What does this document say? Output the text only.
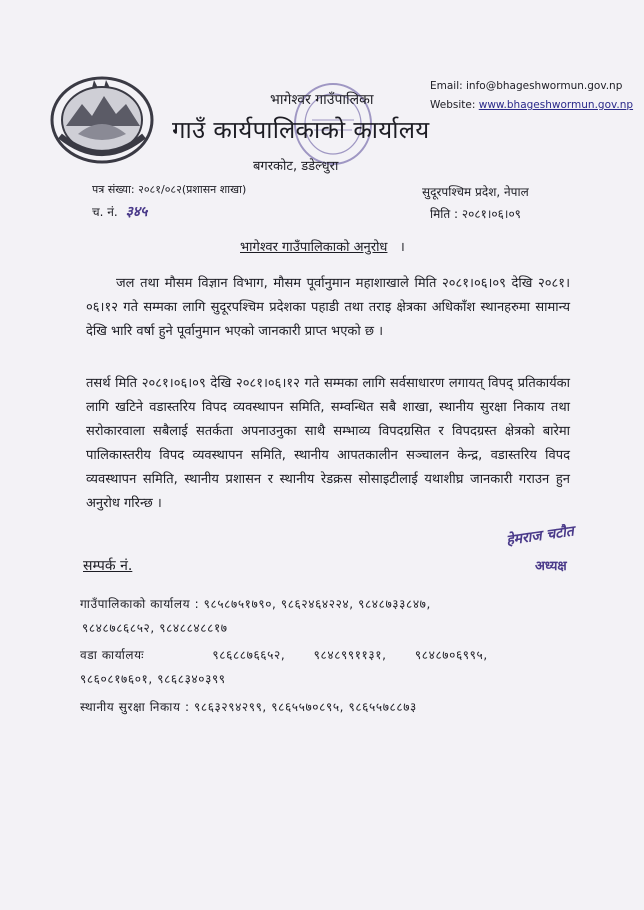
भागेश्वर गाउँपालिका
गाउँ कार्यपालिकाको कार्यालय
बगरकोट, डडेल्धुरा
Email: info@bhageshwormun.gov.np
Website: www.bhageshwormun.gov.np
पत्र संख्या: २०८१/०८२(प्रशासन शाखा)
च. नं. ३४५
सुदूरपश्चिम प्रदेश, नेपाल
मिति : २०८१।०६।०९
भागेश्वर गाउँपालिकाको अनुरोध   ।
जल तथा मौसम विज्ञान विभाग, मौसम पूर्वानुमान महाशाखाले मिति २०८१।०६।०९ देखि २०८१।०६।१२ गते सम्मका लागि सुदूरपश्चिम प्रदेशका पहाडी तथा तराइ क्षेत्रका अधिकाँश स्थानहरुमा सामान्य देखि भारि वर्षा हुने पूर्वानुमान भएको जानकारी प्राप्त भएको छ ।
तसर्थ मिति २०८१।०६।०९ देखि २०८१।०६।१२ गते सम्मका लागि सर्वसाधारण लगायत् विपद् प्रतिकार्यका लागि खटिने वडास्तरिय विपद व्यवस्थापन समिति, सम्वन्धित सबै शाखा, स्थानीय सुरक्षा निकाय तथा सरोकारवाला सबैलाई सतर्कता अपनाउनुका साथै सम्भाव्य विपदग्रसित र विपदग्रस्त क्षेत्रको बारेमा पालिकास्तरीय विपद व्यवस्थापन समिति, स्थानीय आपतकालीन सञ्चालन केन्द्र, वडास्तरिय विपद व्यवस्थापन समिति, स्थानीय प्रशासन र स्थानीय रेडक्रस सोसाइटीलाई यथाशीघ्र जानकारी गराउन हुन अनुरोध गरिन्छ ।
हेमराज चटौत
अध्यक्ष
सम्पर्क नं.
गाउँपालिकाको कार्यालय : ९८५८७५१७९०, ९८६२४६४२२४, ९८४८७३३८४७,
९८४८७८६८५२, ९८४८८४८८१७
वडा कार्यालयः	९८६८८७६६५२, ९८४८९९११३१, ९८४८७०६९९५,
९८६०८१७६०१, ९८६८३४०३९९
स्थानीय सुरक्षा निकाय : ९८६३२९४२९९, ९८६५५७०८९५, ९८६५५७८८७३
